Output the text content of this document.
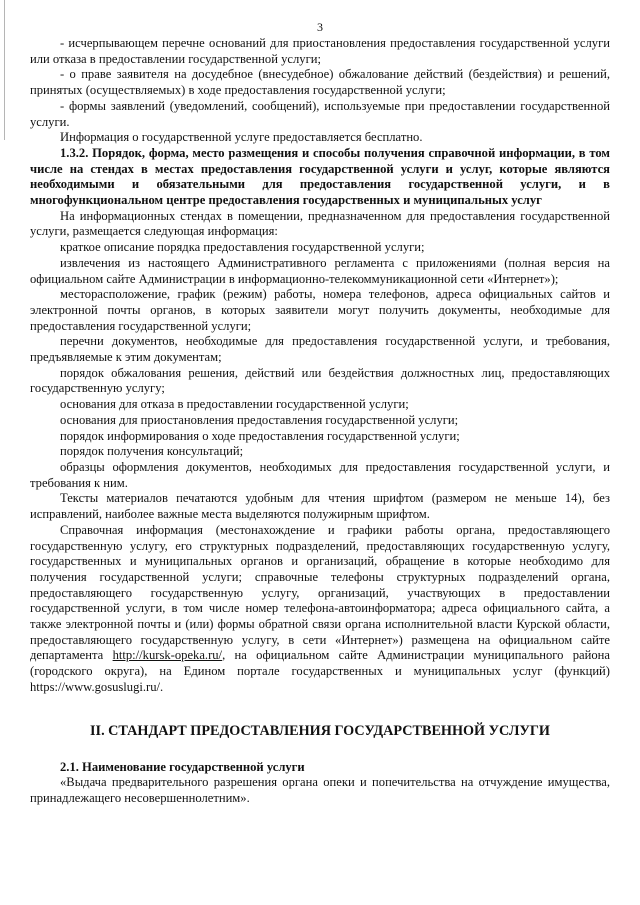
3

- исчерпывающем перечне оснований для приостановления предоставления государственной услуги или отказа в предоставлении государственной услуги;

- о праве заявителя на досудебное (внесудебное) обжалование действий (бездействия) и решений, принятых (осуществляемых) в ходе предоставления государственной услуги;

- формы заявлений (уведомлений, сообщений), используемые при предоставлении государственной услуги.

Информация о государственной услуге предоставляется бесплатно.

1.3.2. Порядок, форма, место размещения и способы получения справочной информации, в том числе на стендах в местах предоставления государственной услуги и услуг, которые являются необходимыми и обязательными для предоставления государственной услуги, и в многофункциональном центре предоставления государственных и муниципальных услуг

На информационных стендах в помещении, предназначенном для предоставления государственной услуги, размещается следующая информация:

краткое описание порядка предоставления государственной услуги;

извлечения из настоящего Административного регламента с приложениями (полная версия на официальном сайте Администрации в информационно-телекоммуникационной сети «Интернет»);

месторасположение, график (режим) работы, номера телефонов, адреса официальных сайтов и электронной почты органов, в которых заявители могут получить документы, необходимые для предоставления государственной услуги;

перечни документов, необходимые для предоставления государственной услуги, и требования, предъявляемые к этим документам;

порядок обжалования решения, действий или бездействия должностных лиц, предоставляющих государственную услугу;

основания для отказа в предоставлении государственной услуги;

основания для приостановления предоставления государственной услуги;

порядок информирования о ходе предоставления государственной услуги;

порядок получения консультаций;

образцы оформления документов, необходимых для предоставления государственной услуги, и требования к ним.

Тексты материалов печатаются удобным для чтения шрифтом (размером не меньше 14), без исправлений, наиболее важные места выделяются полужирным шрифтом.

Справочная информация (местонахождение и графики работы органа, предоставляющего государственную услугу, его структурных подразделений, предоставляющих государственную услугу, государственных и муниципальных органов и организаций, обращение в которые необходимо для получения государственной услуги; справочные телефоны структурных подразделений органа, предоставляющего государственную услугу, организаций, участвующих в предоставлении государственной услуги, в том числе номер телефона-автоинформатора; адреса официального сайта, а также электронной почты и (или) формы обратной связи органа исполнительной власти Курской области, предоставляющего государственную услугу, в сети «Интернет») размещена на официальном сайте департамента http://kursk-opeka.ru/, на официальном сайте Администрации муниципального района (городского округа), на Едином портале государственных и муниципальных услуг (функций) https://www.gosuslugi.ru/.

II. СТАНДАРТ ПРЕДОСТАВЛЕНИЯ ГОСУДАРСТВЕННОЙ УСЛУГИ

2.1. Наименование государственной услуги

«Выдача предварительного разрешения органа опеки и попечительства на отчуждение имущества, принадлежащего несовершеннолетним».
